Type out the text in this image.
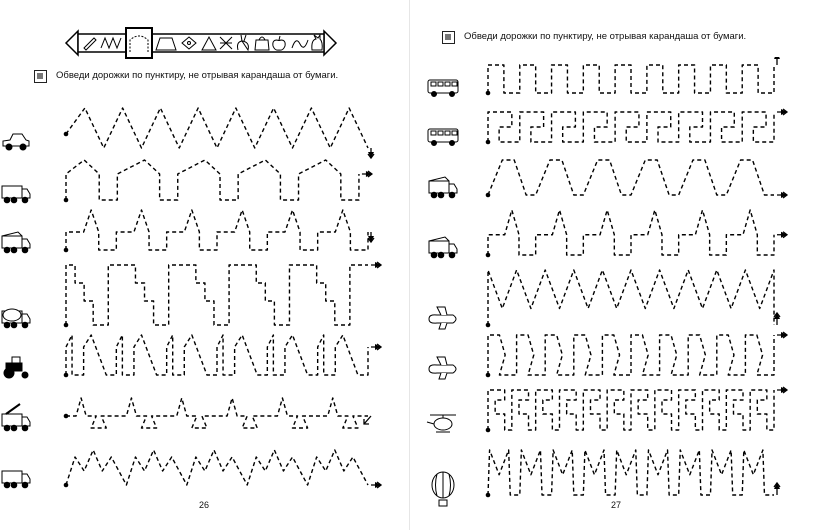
Обведи дорожки по пунктиру, не отрывая карандаша от бумаги.
26
Обведи дорожки по пунктиру, не отрывая карандаша от бумаги.
27
